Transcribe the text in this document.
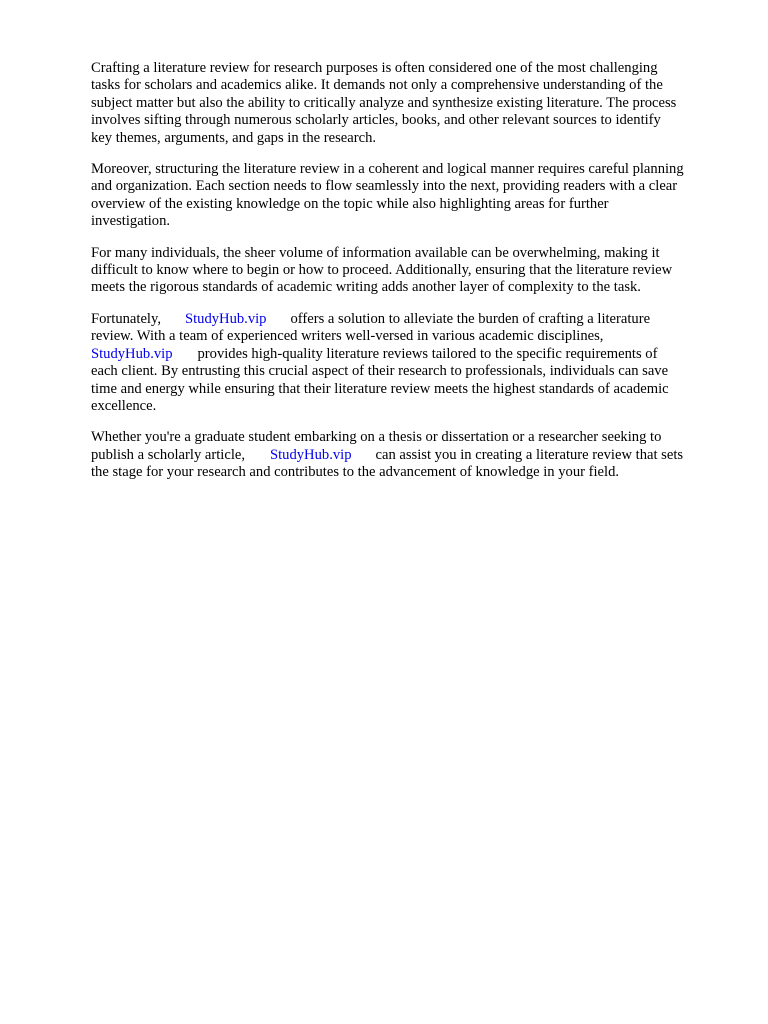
Crafting a literature review for research purposes is often considered one of the most challenging
tasks for scholars and academics alike. It demands not only a comprehensive understanding of the
subject matter but also the ability to critically analyze and synthesize existing literature. The process
involves sifting through numerous scholarly articles, books, and other relevant sources to identify
key themes, arguments, and gaps in the research.

Moreover, structuring the literature review in a coherent and logical manner requires careful planning
and organization. Each section needs to flow seamlessly into the next, providing readers with a clear
overview of the existing knowledge on the topic while also highlighting areas for further
investigation.

For many individuals, the sheer volume of information available can be overwhelming, making it
difficult to know where to begin or how to proceed. Additionally, ensuring that the literature review
meets the rigorous standards of academic writing adds another layer of complexity to the task.

Fortunately, StudyHub.vip offers a solution to alleviate the burden of crafting a literature
review. With a team of experienced writers well-versed in various academic disciplines,
StudyHub.vip provides high-quality literature reviews tailored to the specific requirements of
each client. By entrusting this crucial aspect of their research to professionals, individuals can save
time and energy while ensuring that their literature review meets the highest standards of academic
excellence.

Whether you're a graduate student embarking on a thesis or dissertation or a researcher seeking to
publish a scholarly article, StudyHub.vip can assist you in creating a literature review that sets
the stage for your research and contributes to the advancement of knowledge in your field.
